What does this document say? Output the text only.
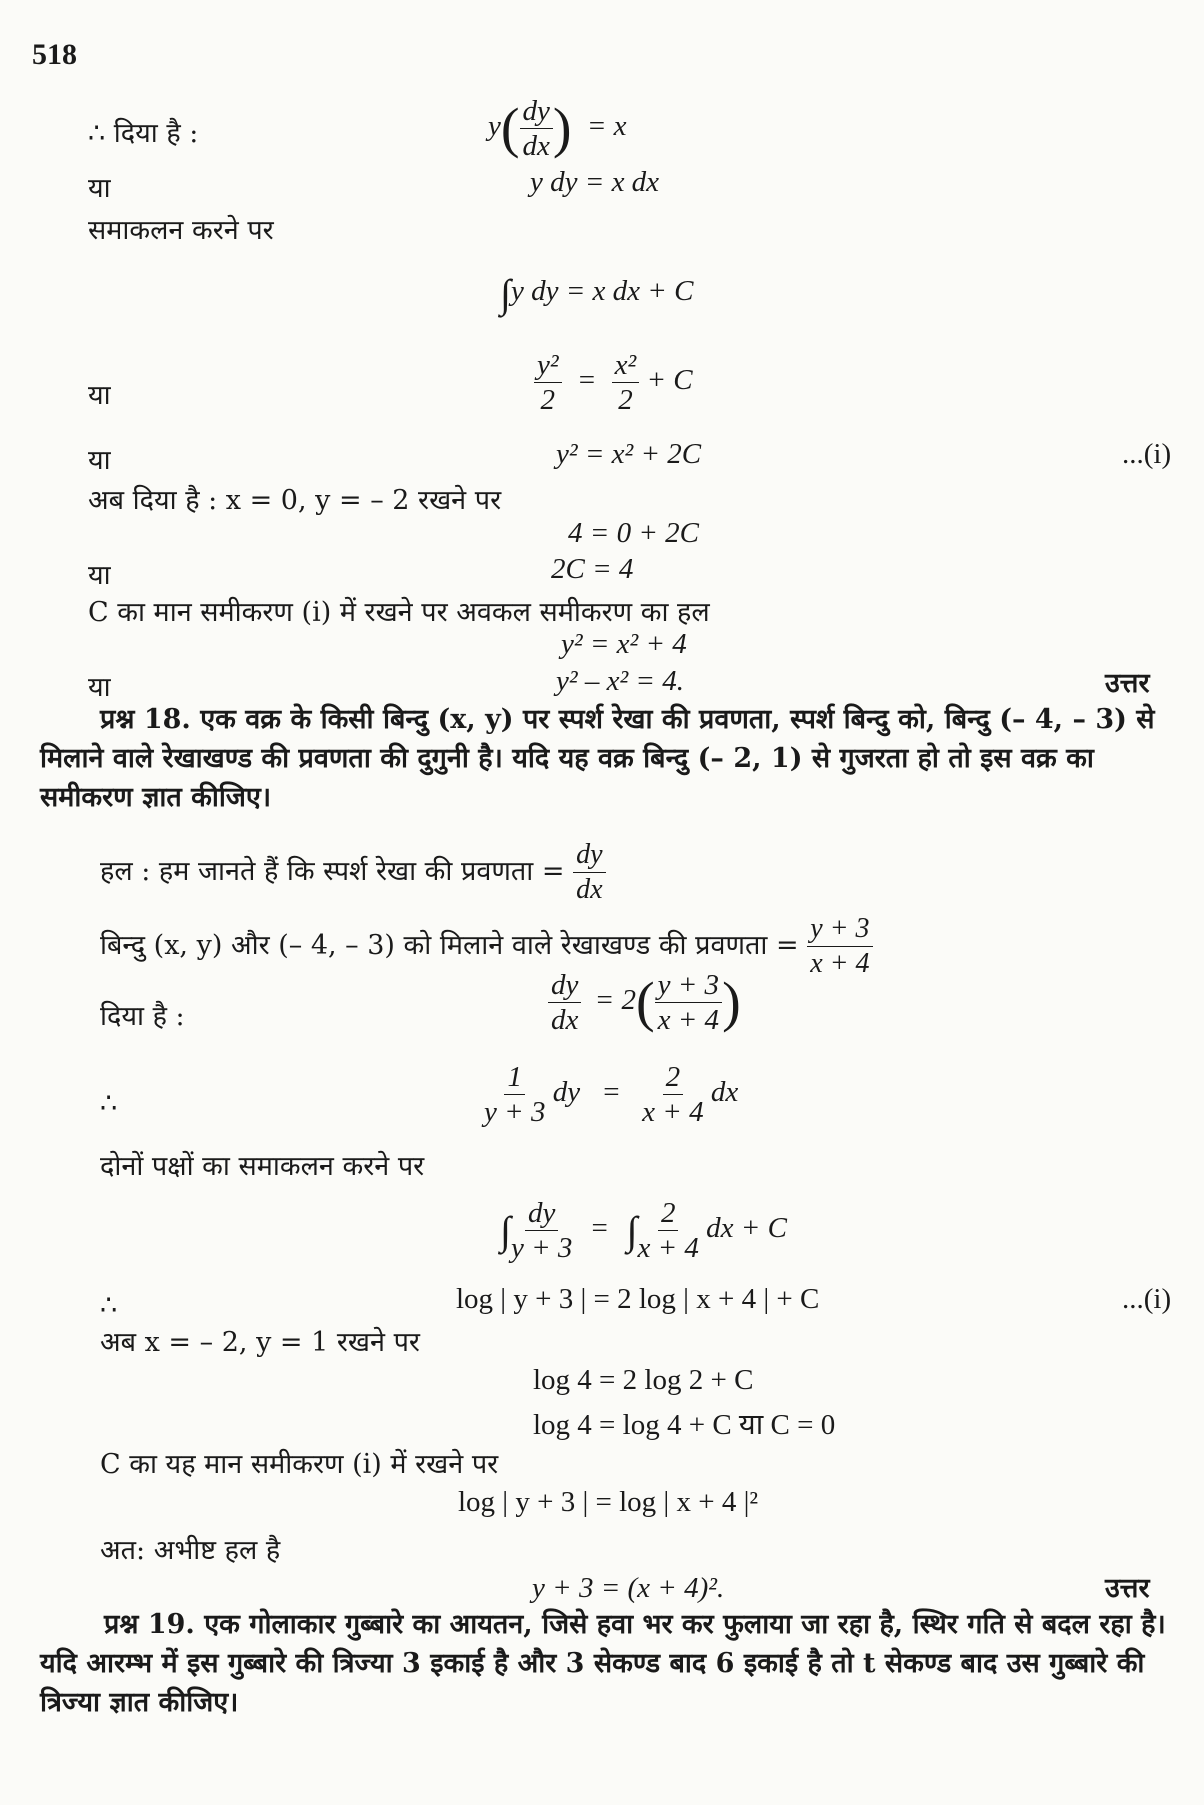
518
∴ दिया है :	$y( \frac{dy}{dx}$ ) = x
या	y dy = x dx
समाकलन करने पर
∫y dy = x dx + C
या	$\frac{\text{y²}}{2} = \frac{\text{x²}}{2} + C$
या	y² = x² + 2C	...(i)
अब दिया है : x = 0, y = – 2 रखने पर
4 = 0 + 2C
या	2C = 4
C का मान समीकरण (i) में रखने पर अवकल समीकरण का हल
y² = x² + 4
या	y² – x² = 4.	उत्तर
प्रश्न 18. एक वक्र के किसी बिन्दु (x, y) पर स्पर्श रेखा की प्रवणता, स्पर्श बिन्दु को, बिन्दु (– 4, – 3) से मिलाने वाले रेखाखण्ड की प्रवणता की दुगुनी है। यदि यह वक्र बिन्दु (– 2, 1) से गुजरता हो तो इस वक्र का समीकरण ज्ञात कीजिए।
हल : हम जानते हैं कि स्पर्श रेखा की प्रवणता = $\frac{dy}{dx}$
बिन्दु (x, y) और (– 4, – 3) को मिलाने वाले रेखाखण्ड की प्रवणता = $\frac{y + 3}{x + 4}$
दिया है :	$\frac{dy}{dx} = 2( \frac{y + 3}{x + 4}$ )
∴	$\frac{1}{y + 3}$ dy = $\frac{2}{x + 4}$ dx
दोनों पक्षों का समाकलन करने पर
∫ $\frac{dy}{y + 3}$ = ∫ $\frac{2}{x + 4}$ dx + C
∴	log | y + 3 | = 2 log | x + 4 | + C	...(i)
अब x = – 2, y = 1 रखने पर
log 4 = 2 log 2 + C
log 4 = log 4 + C या C = 0
C का यह मान समीकरण (i) में रखने पर
log | y + 3 | = log | x + 4 |²
अत: अभीष्ट हल है
y + 3 = (x + 4)².	उत्तर
प्रश्न 19. एक गोलाकार गुब्बारे का आयतन, जिसे हवा भर कर फुलाया जा रहा है, स्थिर गति से बदल रहा है। यदि आरम्भ में इस गुब्बारे की त्रिज्या 3 इकाई है और 3 सेकण्ड बाद 6 इकाई है तो t सेकण्ड बाद उस गुब्बारे की त्रिज्या ज्ञात कीजिए।
